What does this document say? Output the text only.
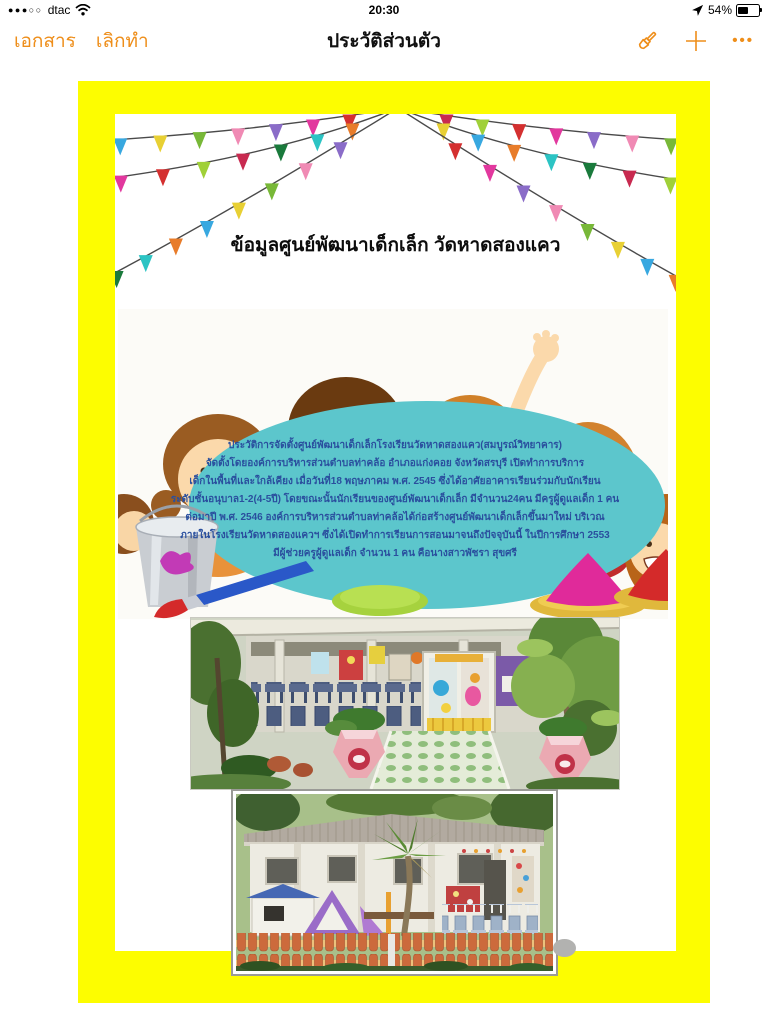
●●●○○ dtac	20:30	54%
เอกสาร เลิกทำ	ประวัติส่วนตัว	•••
ข้อมูลศูนย์พัฒนาเด็กเล็ก วัดหาดสองแคว
ประวัติการจัดตั้งศูนย์พัฒนาเด็กเล็กโรงเรียนวัดหาดสองแคว(สมบูรณ์วิทยาคาร)
จัดตั้งโดยองค์การบริหารส่วนตำบลท่าคล้อ อำเภอแก่งคอย จังหวัดสรบุรี เปิดทำการบริการ
เด็กในพื้นที่และใกล้เคียง เมื่อวันที่18 พฤษภาคม พ.ศ. 2545 ซึ่งได้อาศัยอาคารเรียนร่วมกับนักเรียน
ระดับชั้นอนุบาล1-2(4-5ปี) โดยขณะนั้นนักเรียนของศูนย์พัฒนาเด็กเล็ก มีจำนวน24คน มีครูผู้ดูแลเด็ก 1 คน
ต่อมาปี พ.ศ. 2546 องค์การบริหารส่วนตำบลท่าคล้อได้ก่อสร้างศูนย์พัฒนาเด็กเล็กขึ้นมาใหม่ บริเวณ
ภายในโรงเรียนวัดหาดสองแควฯ ซึ่งได้เปิดทำการเรียนการสอนมาจนถึงปัจจุบันนี้ ในปีการศึกษา 2553
มีผู้ช่วยครูผู้ดูแลเด็ก จำนวน 1 คน คือนางสาวพัชรา สุขศรี
